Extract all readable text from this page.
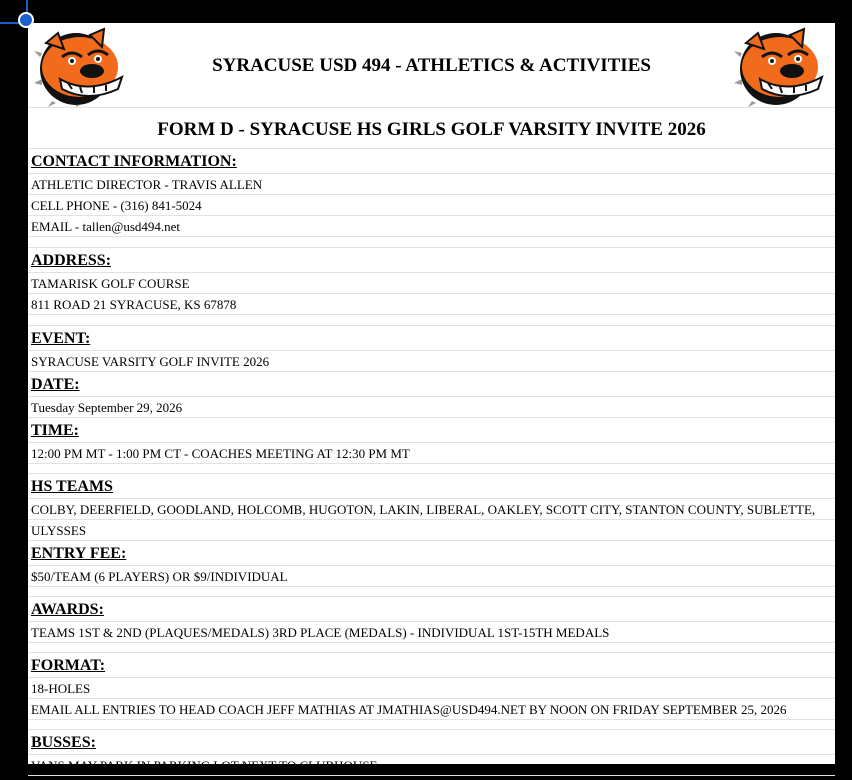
SYRACUSE USD 494 - ATHLETICS & ACTIVITIES
FORM D - SYRACUSE HS GIRLS GOLF VARSITY INVITE 2026
CONTACT INFORMATION:
ATHLETIC DIRECTOR - TRAVIS ALLEN
CELL PHONE - (316) 841-5024
EMAIL - tallen@usd494.net
ADDRESS:
TAMARISK GOLF COURSE
811 ROAD 21 SYRACUSE, KS 67878
EVENT:
SYRACUSE VARSITY GOLF INVITE 2026
DATE:
Tuesday September 29, 2026
TIME:
12:00 PM MT - 1:00 PM CT - COACHES MEETING AT 12:30 PM MT
HS TEAMS
COLBY, DEERFIELD, GOODLAND, HOLCOMB, HUGOTON, LAKIN, LIBERAL, OAKLEY, SCOTT CITY, STANTON COUNTY, SUBLETTE,
ULYSSES
ENTRY FEE:
$50/TEAM (6 PLAYERS) OR $9/INDIVIDUAL
AWARDS:
TEAMS 1ST & 2ND (PLAQUES/MEDALS) 3RD PLACE (MEDALS) - INDIVIDUAL 1ST-15TH MEDALS
FORMAT:
18-HOLES
EMAIL ALL ENTRIES TO HEAD COACH JEFF MATHIAS AT JMATHIAS@USD494.NET BY NOON ON FRIDAY SEPTEMBER 25, 2026
BUSSES:
VANS MAY PARK IN PARKING LOT NEXT TO CLUBHOUSE
